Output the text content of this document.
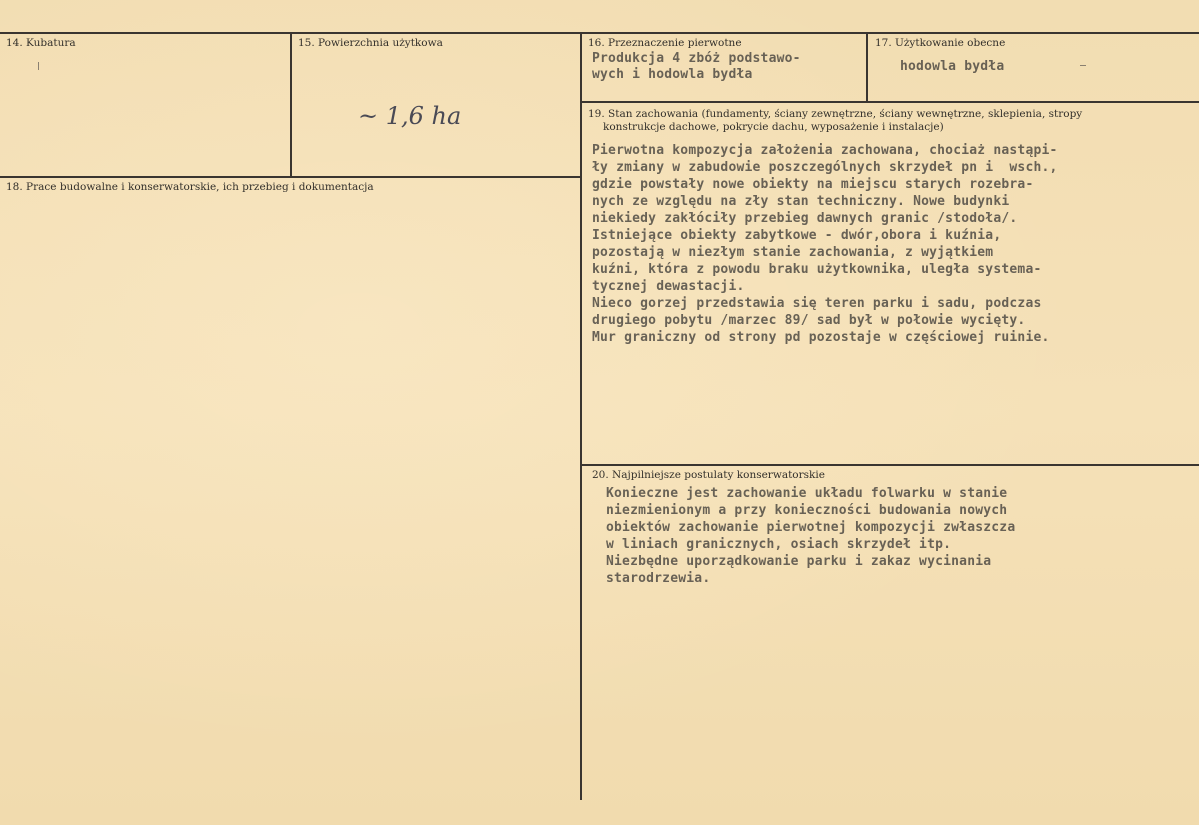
14. Kubatura	15. Powierzchnia użytkowa
~ 1,6 ha
16. Przeznaczenie pierwotne
Produkcja 4 zbóż podstawo-
wych i hodowla bydła
17. Użytkowanie obecne
hodowla bydła
18. Prace budowalne i konserwatorskie, ich przebieg i dokumentacja
19. Stan zachowania (fundamenty, ściany zewnętrzne, ściany wewnętrzne, sklepienia, stropy
konstrukcje dachowe, pokrycie dachu, wyposażenie i instalacje)
Pierwotna kompozycja założenia zachowana, chociaż nastąpi-
ły zmiany w zabudowie poszczególnych skrzydeł pn i  wsch.,
gdzie powstały nowe obiekty na miejscu starych rozebra-
nych ze względu na zły stan techniczny. Nowe budynki
niekiedy zakłóciły przebieg dawnych granic /stodoła/.
Istniejące obiekty zabytkowe - dwór,obora i kuźnia,
pozostają w niezłym stanie zachowania, z wyjątkiem
kuźni, która z powodu braku użytkownika, uległa systema-
tycznej dewastacji.
Nieco gorzej przedstawia się teren parku i sadu, podczas
drugiego pobytu /marzec 89/ sad był w połowie wycięty.
Mur graniczny od strony pd pozostaje w częściowej ruinie.
20. Najpilniejsze postulaty konserwatorskie
Konieczne jest zachowanie układu folwarku w stanie
niezmienionym a przy konieczności budowania nowych
obiektów zachowanie pierwotnej kompozycji zwłaszcza
w liniach granicznych, osiach skrzydeł itp.
Niezbędne uporządkowanie parku i zakaz wycinania
starodrzewia.
